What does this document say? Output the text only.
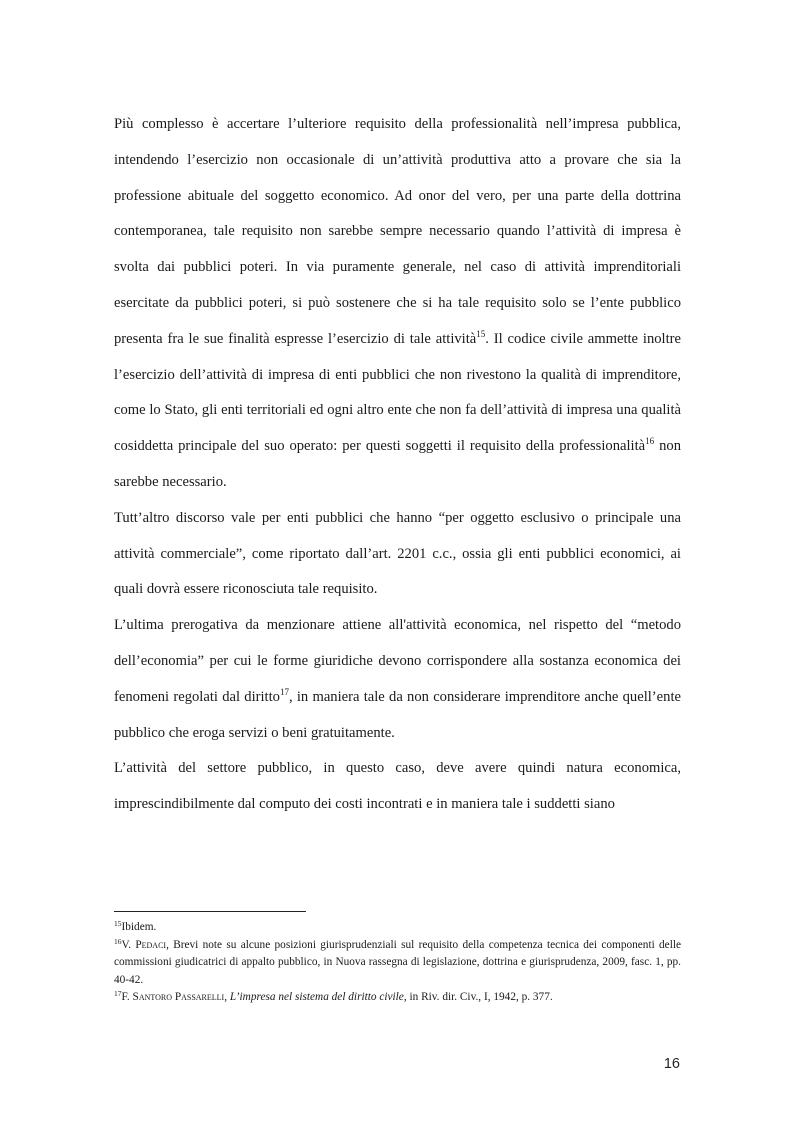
Più complesso è accertare l’ulteriore requisito della professionalità nell’impresa pubblica, intendendo l’esercizio non occasionale di un’attività produttiva atto a provare che sia la professione abituale del soggetto economico. Ad onor del vero, per una parte della dottrina contemporanea, tale requisito non sarebbe sempre necessario quando l’attività di impresa è svolta dai pubblici poteri. In via puramente generale, nel caso di attività imprenditoriali esercitate da pubblici poteri, si può sostenere che si ha tale requisito solo se l’ente pubblico presenta fra le sue finalità espresse l’esercizio di tale attività$^{15}$. Il codice civile ammette inoltre l’esercizio dell’attività di impresa di enti pubblici che non rivestono la qualità di imprenditore, come lo Stato, gli enti territoriali ed ogni altro ente che non fa dell’attività di impresa una qualità cosiddetta principale del suo operato: per questi soggetti il requisito della professionalità$^{16}$ non sarebbe necessario.

Tutt’altro discorso vale per enti pubblici che hanno “per oggetto esclusivo o principale una attività commerciale”, come riportato dall’art. 2201 c.c., ossia gli enti pubblici economici, ai quali dovrà essere riconosciuta tale requisito.

L’ultima prerogativa da menzionare attiene all'attività economica, nel rispetto del “metodo dell’economia” per cui le forme giuridiche devono corrispondere alla sostanza economica dei fenomeni regolati dal diritto$^{17}$, in maniera tale da non considerare imprenditore anche quell’ente pubblico che eroga servizi o beni gratuitamente.

L’attività del settore pubblico, in questo caso, deve avere quindi natura economica, imprescindibilmente dal computo dei costi incontrati e in maniera tale i suddetti siano

$^{15}$Ibidem.

$^{16}$V. Pedaci, Brevi note su alcune posizioni giurisprudenziali sul requisito della competenza tecnica dei componenti delle commissioni giudicatrici di appalto pubblico, in Nuova rassegna di legislazione, dottrina e giurisprudenza, 2009, fasc. 1, pp. 40-42.

$^{17}$F. Santoro Passarelli, L’impresa nel sistema del diritto civile, in Riv. dir. Civ., I, 1942, p. 377.

16
